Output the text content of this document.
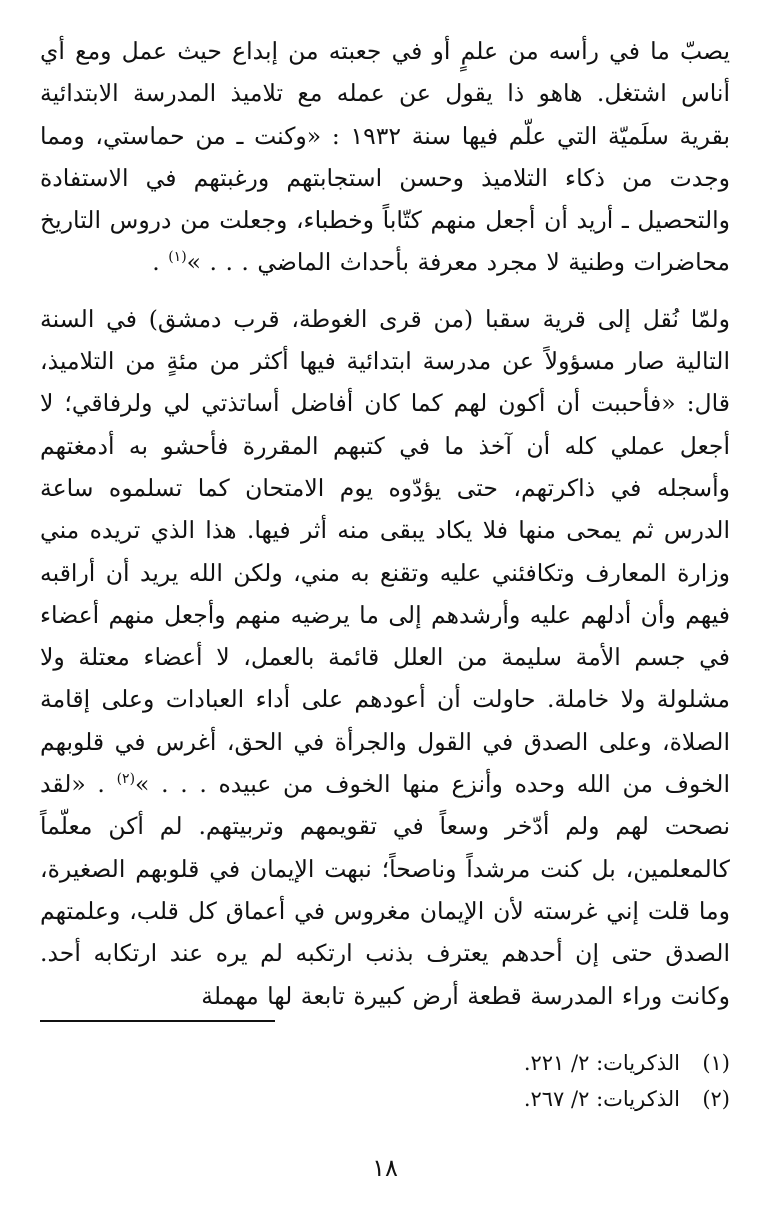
يصبّ ما في رأسه من علمٍ أو في جعبته من إبداع حيث عمل ومع أي أناس اشتغل. هاهو ذا يقول عن عمله مع تلاميذ المدرسة الابتدائية بقرية سلَميّة التي علّم فيها سنة ١٩٣٢ : «وكنت ـ من حماستي، ومما وجدت من ذكاء التلاميذ وحسن استجابتهم ورغبتهم في الاستفادة والتحصيل ـ أريد أن أجعل منهم كتّاباً وخطباء، وجعلت من دروس التاريخ محاضرات وطنية لا مجرد معرفة بأحداث الماضي . . . »$^{(١)}$ .

ولمّا نُقل إلى قرية سقبا (من قرى الغوطة، قرب دمشق) في السنة التالية صار مسؤولاً عن مدرسة ابتدائية فيها أكثر من مئةٍ من التلاميذ، قال: «فأحببت أن أكون لهم كما كان أفاضل أساتذتي لي ولرفاقي؛ لا أجعل عملي كله أن آخذ ما في كتبهم المقررة فأحشو به أدمغتهم وأسجله في ذاكرتهم، حتى يؤدّوه يوم الامتحان كما تسلموه ساعة الدرس ثم يمحى منها فلا يكاد يبقى منه أثر فيها. هذا الذي تريده مني وزارة المعارف وتكافئني عليه وتقنع به مني، ولكن الله يريد أن أراقبه فيهم وأن أدلهم عليه وأرشدهم إلى ما يرضيه منهم وأجعل منهم أعضاء في جسم الأمة سليمة من العلل قائمة بالعمل، لا أعضاء معتلة ولا مشلولة ولا خاملة. حاولت أن أعودهم على أداء العبادات وعلى إقامة الصلاة، وعلى الصدق في القول والجرأة في الحق، أغرس في قلوبهم الخوف من الله وحده وأنزع منها الخوف من عبيده . . . »$^{(٢)}$ . «لقد نصحت لهم ولم أدّخر وسعاً في تقويمهم وتربيتهم. لم أكن معلّماً كالمعلمين، بل كنت مرشداً وناصحاً؛ نبهت الإيمان في قلوبهم الصغيرة، وما قلت إني غرسته لأن الإيمان مغروس في أعماق كل قلب، وعلمتهم الصدق حتى إن أحدهم يعترف بذنب ارتكبه لم يره عند ارتكابه أحد. وكانت وراء المدرسة قطعة أرض كبيرة تابعة لها مهملة

(١)
الذكريات: ٢/ ٢٢١.
(٢)
الذكريات: ٢/ ٢٦٧.
١٨
